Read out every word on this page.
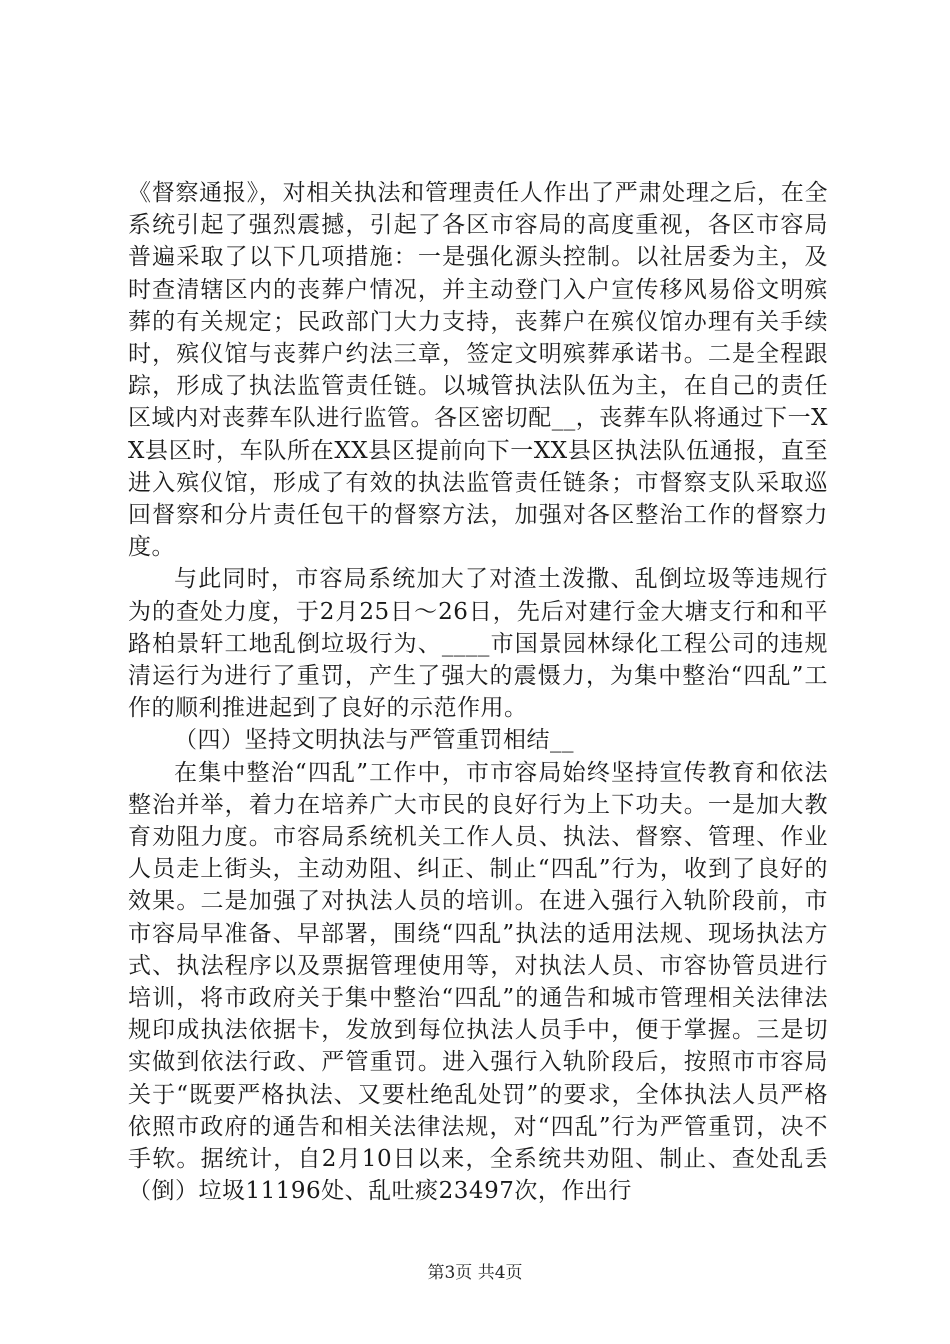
《督察通报》，对相关执法和管理责任人作出了严肃处理之后，在全系统引起了强烈震撼，引起了各区市容局的高度重视，各区市容局普遍采取了以下几项措施：一是强化源头控制。以社居委为主，及时查清辖区内的丧葬户情况，并主动登门入户宣传移风易俗文明殡葬的有关规定；民政部门大力支持，丧葬户在殡仪馆办理有关手续时，殡仪馆与丧葬户约法三章，签定文明殡葬承诺书。二是全程跟踪，形成了执法监管责任链。以城管执法队伍为主，在自己的责任区域内对丧葬车队进行监管。各区密切配__，丧葬车队将通过下一XX县区时，车队所在XX县区提前向下一XX县区执法队伍通报，直至进入殡仪馆，形成了有效的执法监管责任链条；市督察支队采取巡回督察和分片责任包干的督察方法，加强对各区整治工作的督察力度。

与此同时，市容局系统加大了对渣土泼撒、乱倒垃圾等违规行为的查处力度，于2月25日～26日，先后对建行金大塘支行和和平路柏景轩工地乱倒垃圾行为、____市国景园林绿化工程公司的违规清运行为进行了重罚，产生了强大的震慑力，为集中整治“四乱”工作的顺利推进起到了良好的示范作用。

（四）坚持文明执法与严管重罚相结__

在集中整治“四乱”工作中，市市容局始终坚持宣传教育和依法整治并举，着力在培养广大市民的良好行为上下功夫。一是加大教育劝阻力度。市容局系统机关工作人员、执法、督察、管理、作业人员走上街头，主动劝阻、纠正、制止“四乱”行为，收到了良好的效果。二是加强了对执法人员的培训。在进入强行入轨阶段前，市市容局早准备、早部署，围绕“四乱”执法的适用法规、现场执法方式、执法程序以及票据管理使用等，对执法人员、市容协管员进行培训，将市政府关于集中整治“四乱”的通告和城市管理相关法律法规印成执法依据卡，发放到每位执法人员手中，便于掌握。三是切实做到依法行政、严管重罚。进入强行入轨阶段后，按照市市容局关于“既要严格执法、又要杜绝乱处罚”的要求，全体执法人员严格依照市政府的通告和相关法律法规，对“四乱”行为严管重罚，决不手软。据统计，自2月10日以来，全系统共劝阻、制止、查处乱丢（倒）垃圾11196处、乱吐痰23497次，作出行

第3页 共4页
